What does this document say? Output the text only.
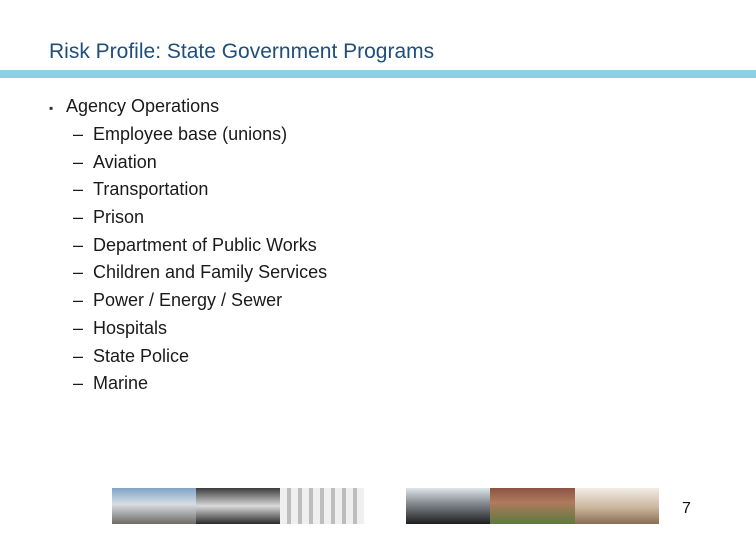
Risk Profile: State Government Programs
▪ Agency Operations
– Employee base (unions)
– Aviation
– Transportation
– Prison
– Department of Public Works
– Children and Family Services
– Power / Energy / Sewer
– Hospitals
– State Police
– Marine
7
